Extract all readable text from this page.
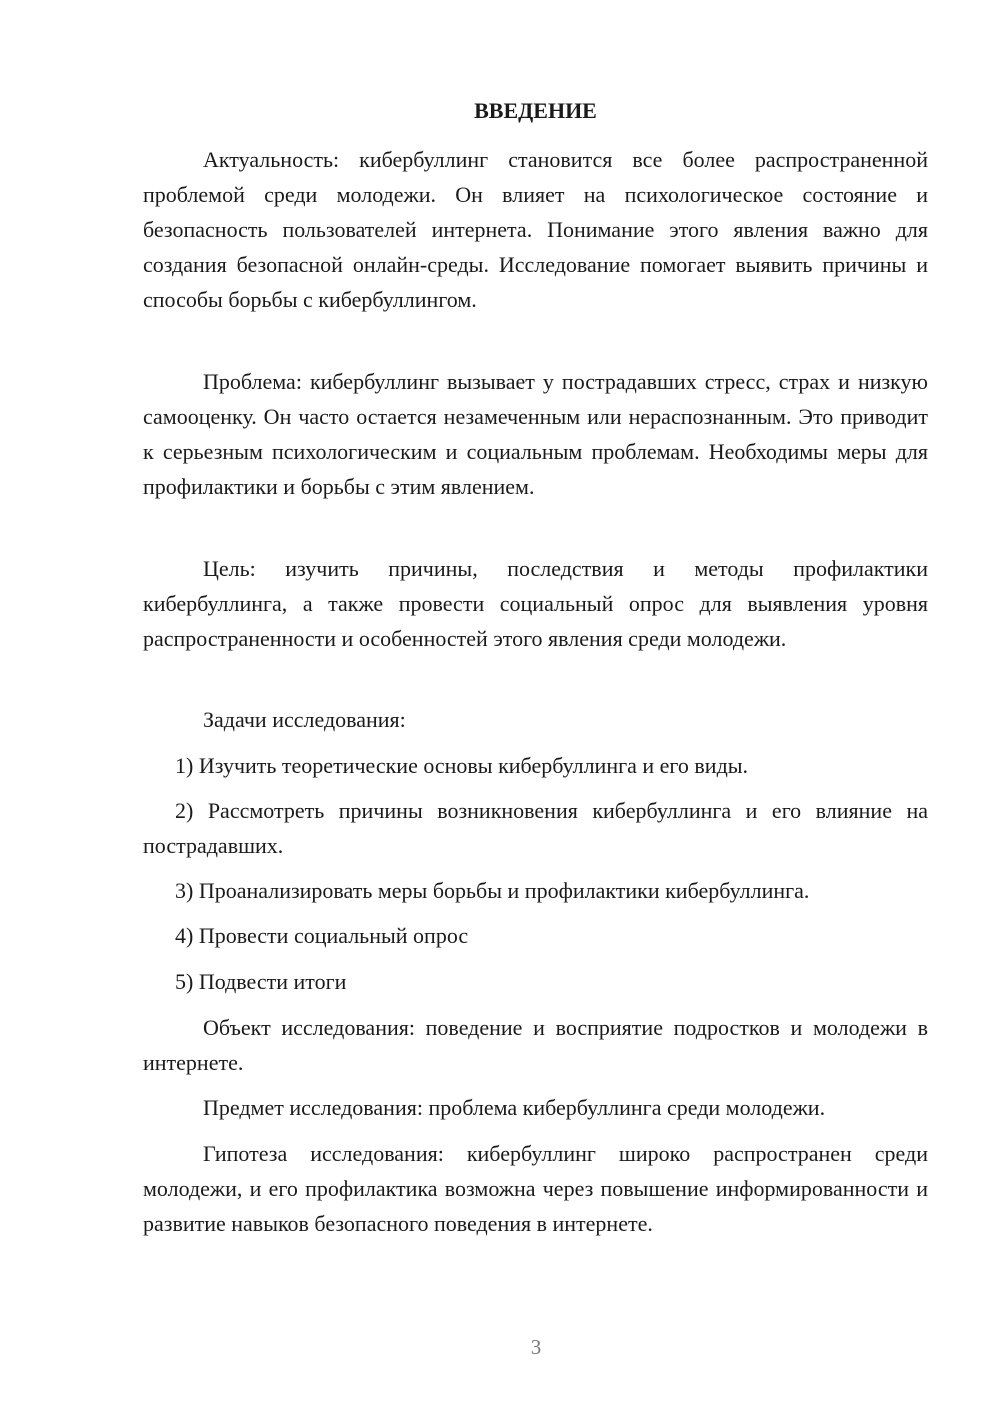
ВВЕДЕНИЕ

Актуальность: кибербуллинг становится все более распространенной проблемой среди молодежи. Он влияет на психологическое состояние и безопасность пользователей интернета. Понимание этого явления важно для создания безопасной онлайн-среды. Исследование помогает выявить причины и способы борьбы с кибербуллингом.

Проблема: кибербуллинг вызывает у пострадавших стресс, страх и низкую самооценку. Он часто остается незамеченным или нераспознанным. Это приводит к серьезным психологическим и социальным проблемам. Необходимы меры для профилактики и борьбы с этим явлением.

Цель: изучить причины, последствия и методы профилактики кибербуллинга, а также провести социальный опрос для выявления уровня распространенности и особенностей этого явления среди молодежи.

Задачи исследования:

1) Изучить теоретические основы кибербуллинга и его виды.

2) Рассмотреть причины возникновения кибербуллинга и его влияние на пострадавших.

3) Проанализировать меры борьбы и профилактики кибербуллинга.

4) Провести социальный опрос

5) Подвести итоги

Объект исследования: поведение и восприятие подростков и молодежи в интернете.

Предмет исследования: проблема кибербуллинга среди молодежи.

Гипотеза исследования: кибербуллинг широко распространен среди молодежи, и его профилактика возможна через повышение информированности и развитие навыков безопасного поведения в интернете.

3
